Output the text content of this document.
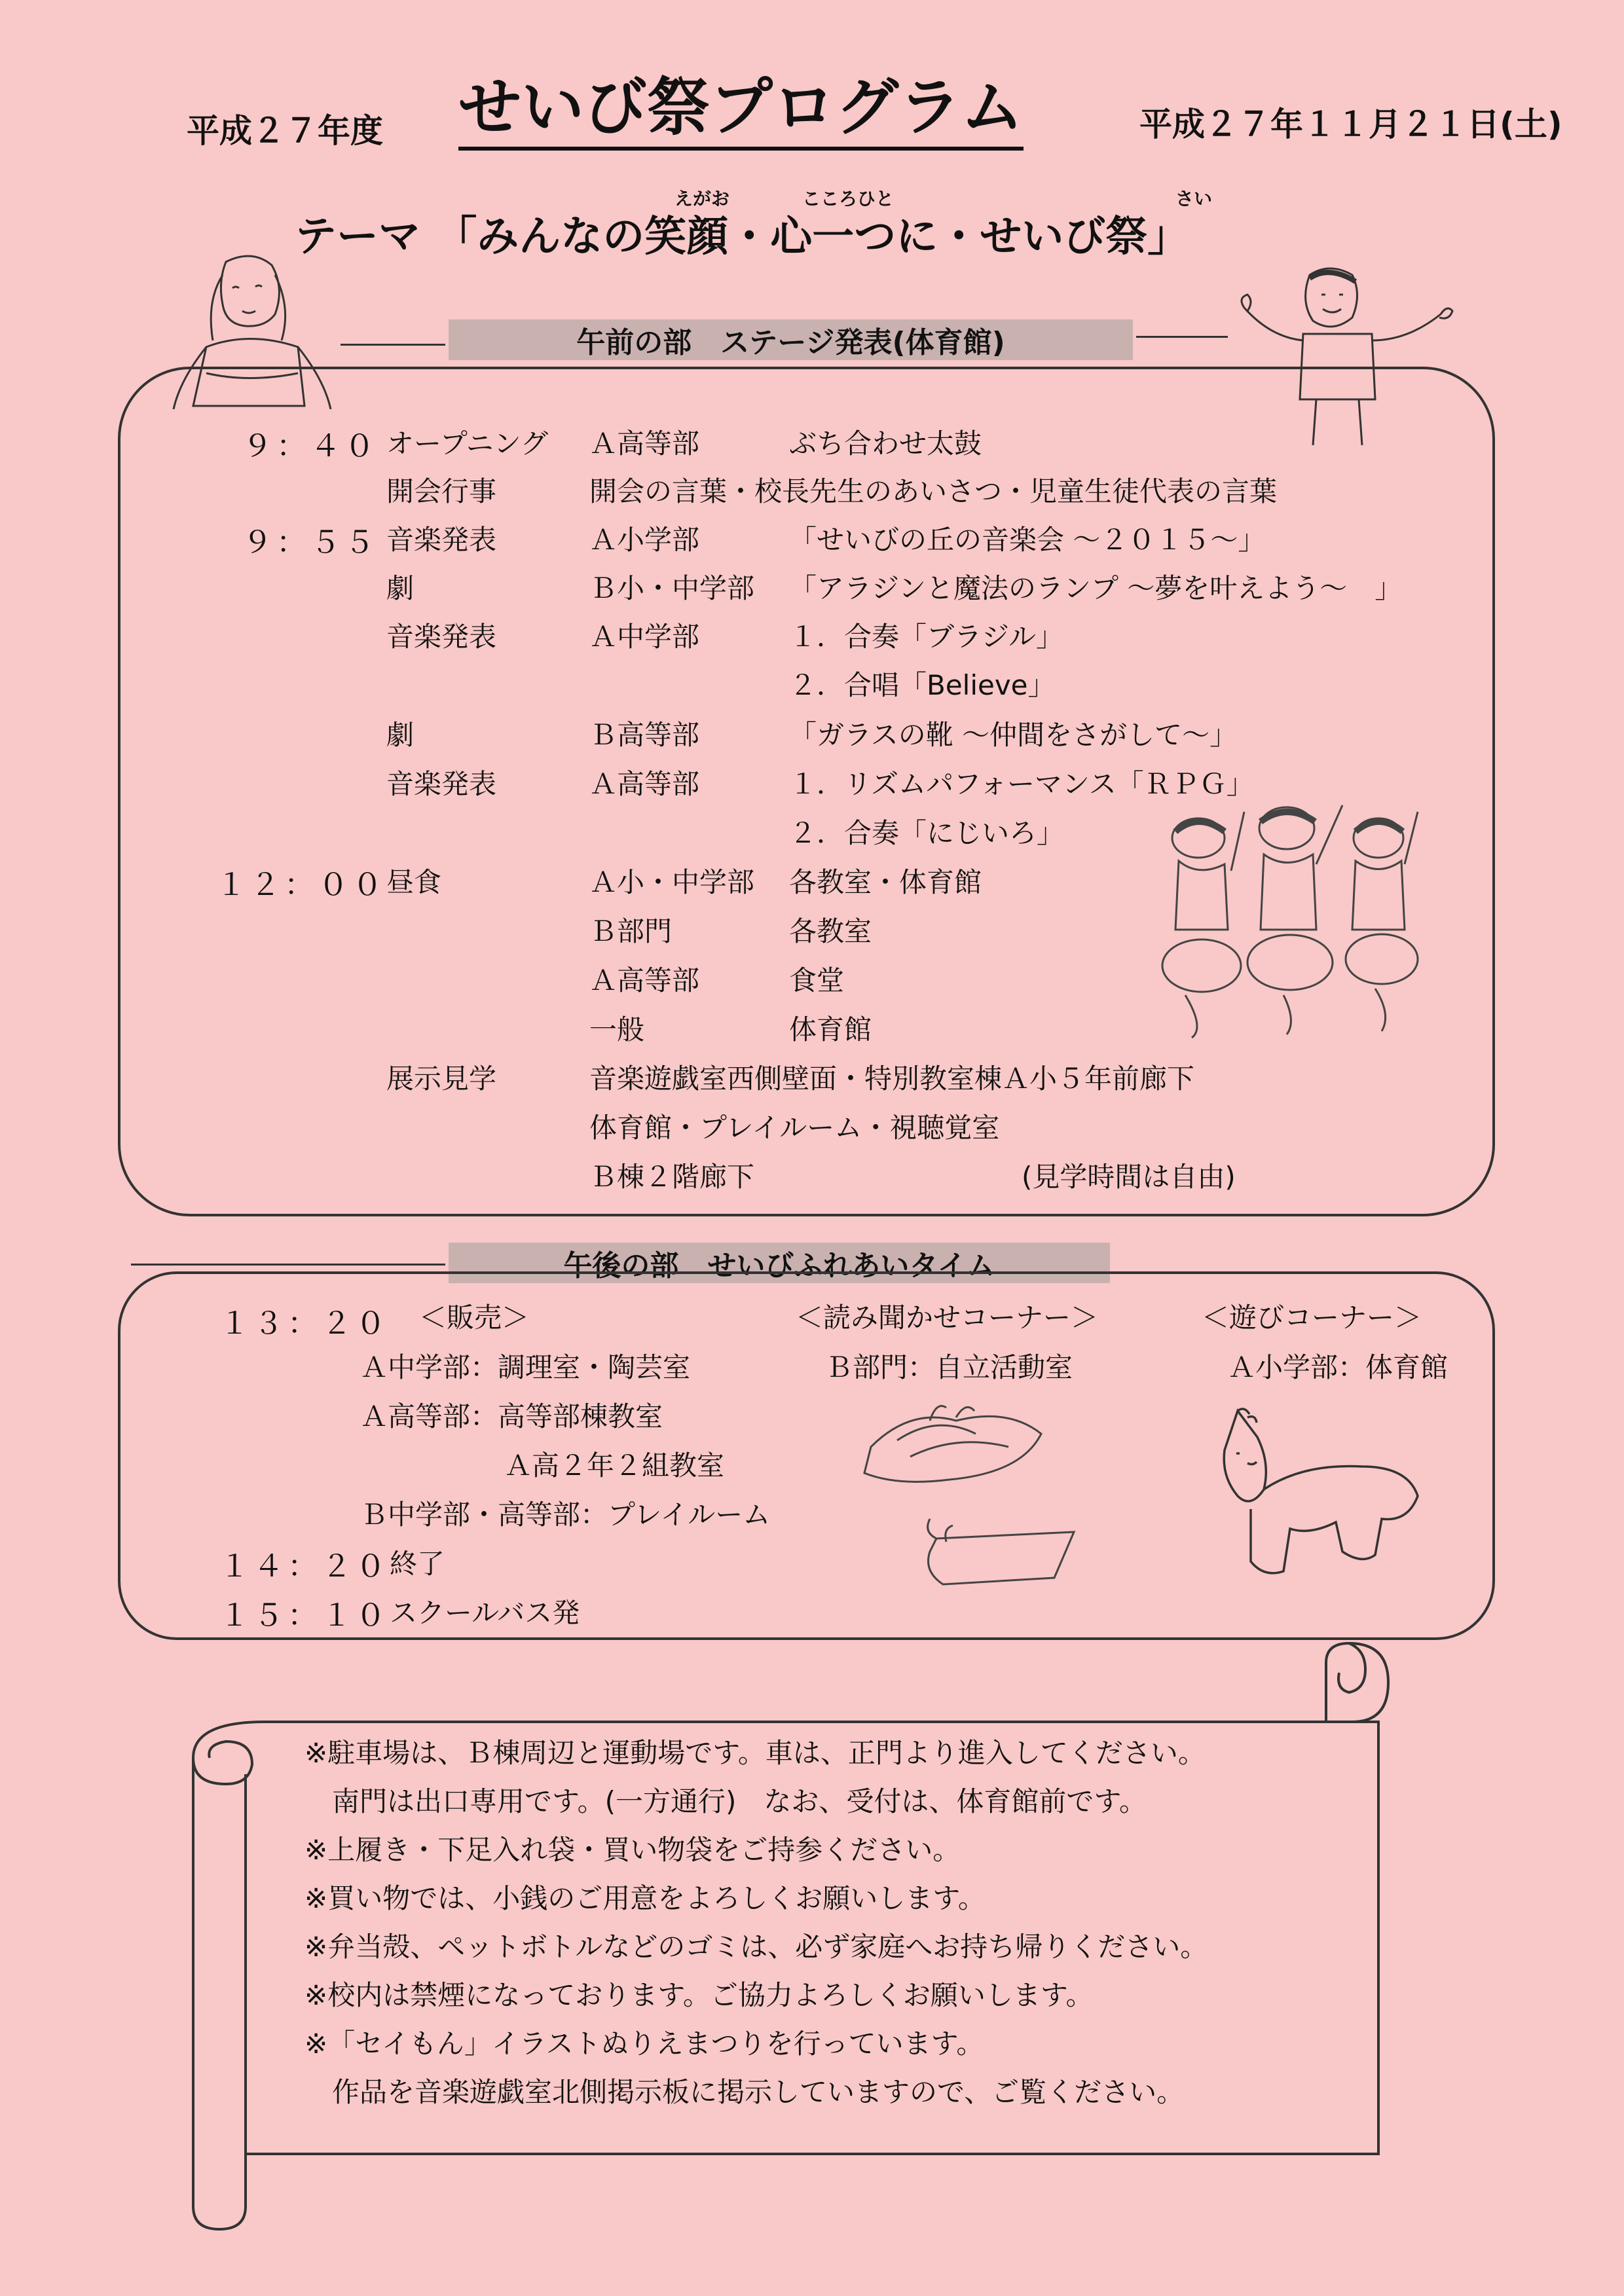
平成２７年度 せいび祭プログラム	平成２７年１１月２１日(土)
えがお	こころひと	さい
テーマ 「みんなの笑顔・心一つに・せいび祭」
午前の部　ステージ発表(体育館)
９：４０ オープニング Ａ高等部	ぶち合わせ太鼓
開会行事	開会の言葉・校長先生のあいさつ・児童生徒代表の言葉
９：５５ 音楽発表	Ａ小学部	「せいびの丘の音楽会 ～２０１５～」
劇	Ｂ小・中学部 「アラジンと魔法のランプ ～夢を叶えよう～　」
音楽発表	Ａ中学部	１．合奏「ブラジル」
２．合唱「Believe」
劇	Ｂ高等部	「ガラスの靴 ～仲間をさがして～」
音楽発表	Ａ高等部	１．リズムパフォーマンス「ＲＰＧ」
２．合奏「にじいろ」
１２：００ 昼食	Ａ小・中学部 各教室・体育館
Ｂ部門	各教室
Ａ高等部	食堂
一般	体育館
展示見学	音楽遊戯室西側壁面・特別教室棟Ａ小５年前廊下
体育館・プレイルーム・視聴覚室
Ｂ棟２階廊下	(見学時間は自由)
午後の部　せいびふれあいタイム
１３：２０ ＜販売＞
Ａ中学部：調理室・陶芸室
Ａ高等部：高等部棟教室
Ａ高２年２組教室
Ｂ中学部・高等部：プレイルーム
＜読み聞かせコーナー＞
Ｂ部門：自立活動室
＜遊びコーナー＞
Ａ小学部：体育館
１４：２０ 終了
１５：１０ スクールバス発
※駐車場は、Ｂ棟周辺と運動場です。車は、正門より進入してください。
　南門は出口専用です。(一方通行)　なお、受付は、体育館前です。
※上履き・下足入れ袋・買い物袋をご持参ください。
※買い物では、小銭のご用意をよろしくお願いします。
※弁当殻、ペットボトルなどのゴミは、必ず家庭へお持ち帰りください。
※校内は禁煙になっております。ご協力よろしくお願いします。
※「セイもん」イラストぬりえまつりを行っています。
　作品を音楽遊戯室北側掲示板に掲示していますので、ご覧ください。
